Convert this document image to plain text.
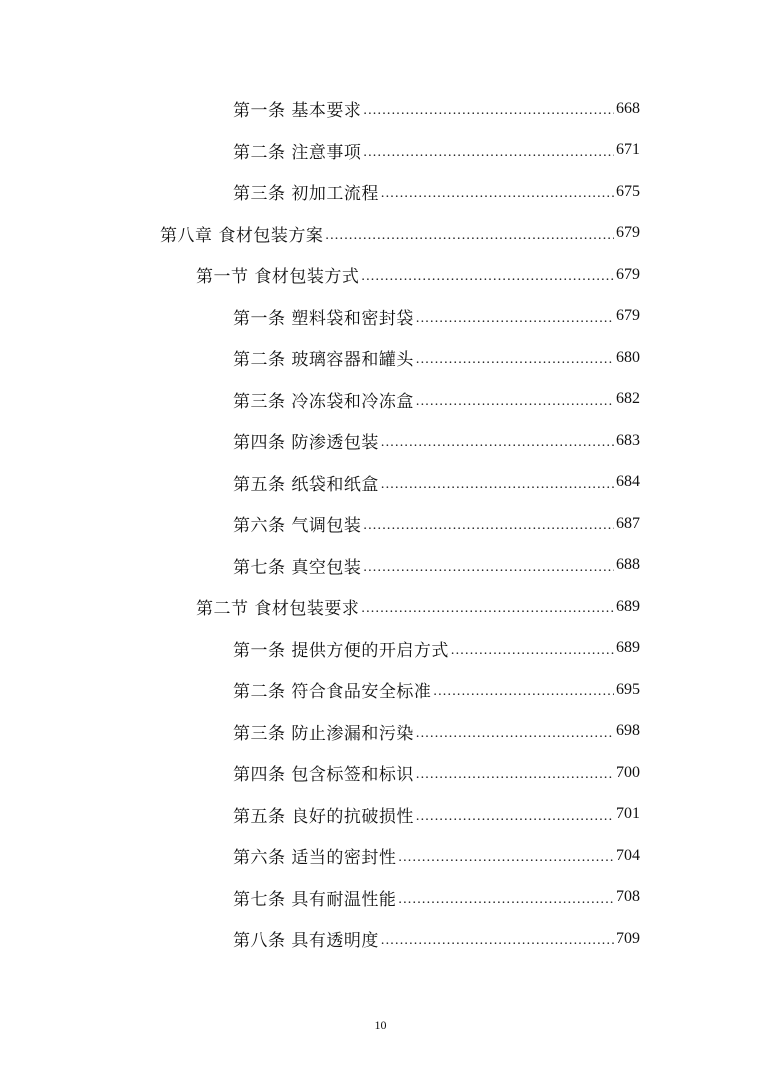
第一条 基本要求 .....	668
第二条 注意事项 .....	671
第三条 初加工流程 .....	675
第八章 食材包装方案 .....	679
第一节 食材包装方式 .....	679
第一条 塑料袋和密封袋 .....	679
第二条 玻璃容器和罐头 .....	680
第三条 冷冻袋和冷冻盒 .....	682
第四条 防渗透包装 .....	683
第五条 纸袋和纸盒 .....	684
第六条 气调包装 .....	687
第七条 真空包装 .....	688
第二节 食材包装要求 .....	689
第一条 提供方便的开启方式 .....	689
第二条 符合食品安全标准 .....	695
第三条 防止渗漏和污染 .....	698
第四条 包含标签和标识 .....	700
第五条 良好的抗破损性 .....	701
第六条 适当的密封性 .....	704
第七条 具有耐温性能 .....	708
第八条 具有透明度 .....	709
10
